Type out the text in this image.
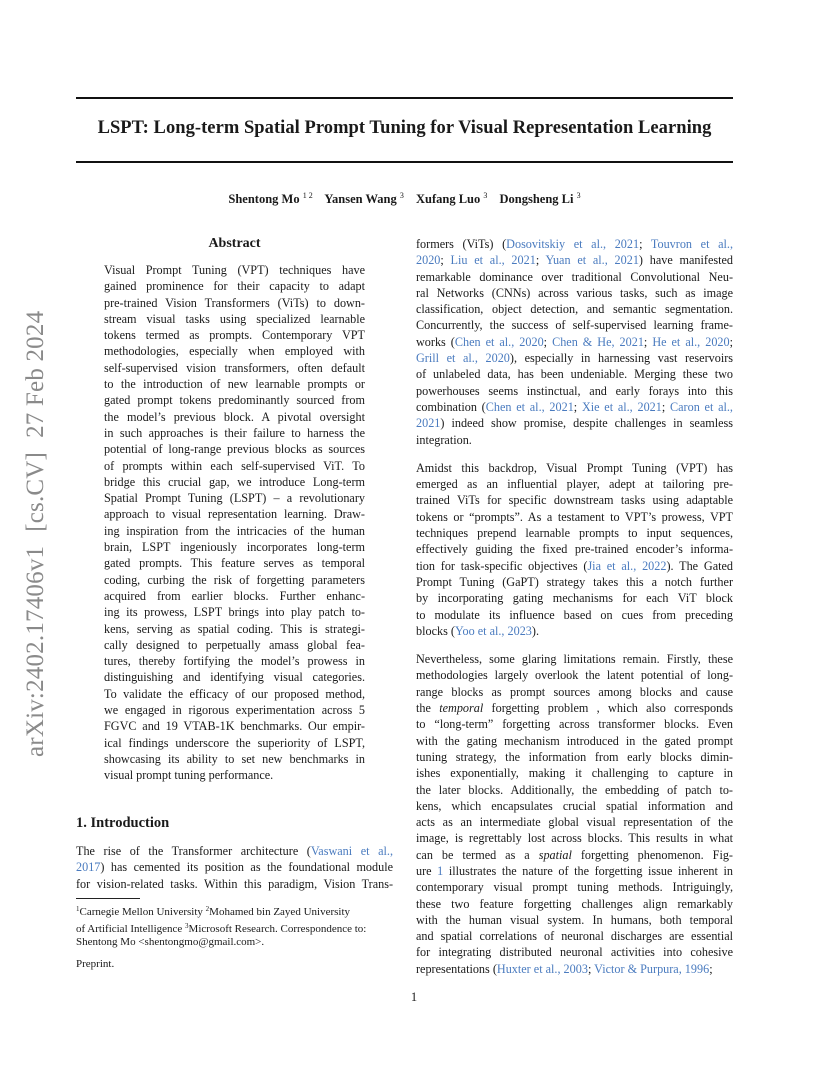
LSPT: Long-term Spatial Prompt Tuning for Visual Representation Learning
Shentong Mo $^{1 2}$ Yansen Wang $^3$ Xufang Luo $^3$ Dongsheng Li $^3$
arXiv:2402.17406v1[cs.CV]27 Feb 2024
Abstract
Visual Prompt Tuning (VPT) techniques have
gained prominence for their capacity to adapt
pre-trained Vision Transformers (ViTs) to down-
stream visual tasks using specialized learnable
tokens termed as prompts. Contemporary VPT
methodologies, especially when employed with
self-supervised vision transformers, often default
to the introduction of new learnable prompts or
gated prompt tokens predominantly sourced from
the model’s previous block. A pivotal oversight
in such approaches is their failure to harness the
potential of long-range previous blocks as sources
of prompts within each self-supervised ViT. To
bridge this crucial gap, we introduce Long-term
Spatial Prompt Tuning (LSPT) – a revolutionary
approach to visual representation learning. Draw-
ing inspiration from the intricacies of the human
brain, LSPT ingeniously incorporates long-term
gated prompts. This feature serves as temporal
coding, curbing the risk of forgetting parameters
acquired from earlier blocks. Further enhanc-
ing its prowess, LSPT brings into play patch to-
kens, serving as spatial coding. This is strategi-
cally designed to perpetually amass global fea-
tures, thereby fortifying the model’s prowess in
distinguishing and identifying visual categories.
To validate the efficacy of our proposed method,
we engaged in rigorous experimentation across 5
FGVC and 19 VTAB-1K benchmarks. Our empir-
ical findings underscore the superiority of LSPT,
showcasing its ability to set new benchmarks in
visual prompt tuning performance.
1. Introduction
The rise of the Transformer architecture (Vaswani et al.,
2017) has cemented its position as the foundational module
for vision-related tasks. Within this paradigm, Vision Trans-
$^1$Carnegie Mellon University $^2$Mohamed bin Zayed University
of Artificial Intelligence $^3$Microsoft Research. Correspondence to:
Shentong Mo <shentongmo@gmail.com>.
Preprint.
formers (ViTs) (Dosovitskiy et al., 2021; Touvron et al.,
2020; Liu et al., 2021; Yuan et al., 2021) have manifested
remarkable dominance over traditional Convolutional Neu-
ral Networks (CNNs) across various tasks, such as image
classification, object detection, and semantic segmentation.
Concurrently, the success of self-supervised learning frame-
works (Chen et al., 2020; Chen & He, 2021; He et al., 2020;
Grill et al., 2020), especially in harnessing vast reservoirs
of unlabeled data, has been undeniable. Merging these two
powerhouses seems instinctual, and early forays into this
combination (Chen et al., 2021; Xie et al., 2021; Caron et al.,
2021) indeed show promise, despite challenges in seamless
integration.
Amidst this backdrop, Visual Prompt Tuning (VPT) has
emerged as an influential player, adept at tailoring pre-
trained ViTs for specific downstream tasks using adaptable
tokens or “prompts”. As a testament to VPT’s prowess, VPT
techniques prepend learnable prompts to input sequences,
effectively guiding the fixed pre-trained encoder’s informa-
tion for task-specific objectives (Jia et al., 2022). The Gated
Prompt Tuning (GaPT) strategy takes this a notch further
by incorporating gating mechanisms for each ViT block
to modulate its influence based on cues from preceding
blocks (Yoo et al., 2023).
Nevertheless, some glaring limitations remain. Firstly, these
methodologies largely overlook the latent potential of long-
range blocks as prompt sources among blocks and cause
the temporal forgetting problem , which also corresponds
to “long-term” forgetting across transformer blocks. Even
with the gating mechanism introduced in the gated prompt
tuning strategy, the information from early blocks dimin-
ishes exponentially, making it challenging to capture in
the later blocks. Additionally, the embedding of patch to-
kens, which encapsulates crucial spatial information and
acts as an intermediate global visual representation of the
image, is regrettably lost across blocks. This results in what
can be termed as a spatial forgetting phenomenon. Fig-
ure 1 illustrates the nature of the forgetting issue inherent in
contemporary visual prompt tuning methods. Intriguingly,
these two feature forgetting challenges align remarkably
with the human visual system. In humans, both temporal
and spatial correlations of neuronal discharges are essential
for integrating distributed neuronal activities into cohesive
representations (Huxter et al., 2003; Victor & Purpura, 1996;
1
